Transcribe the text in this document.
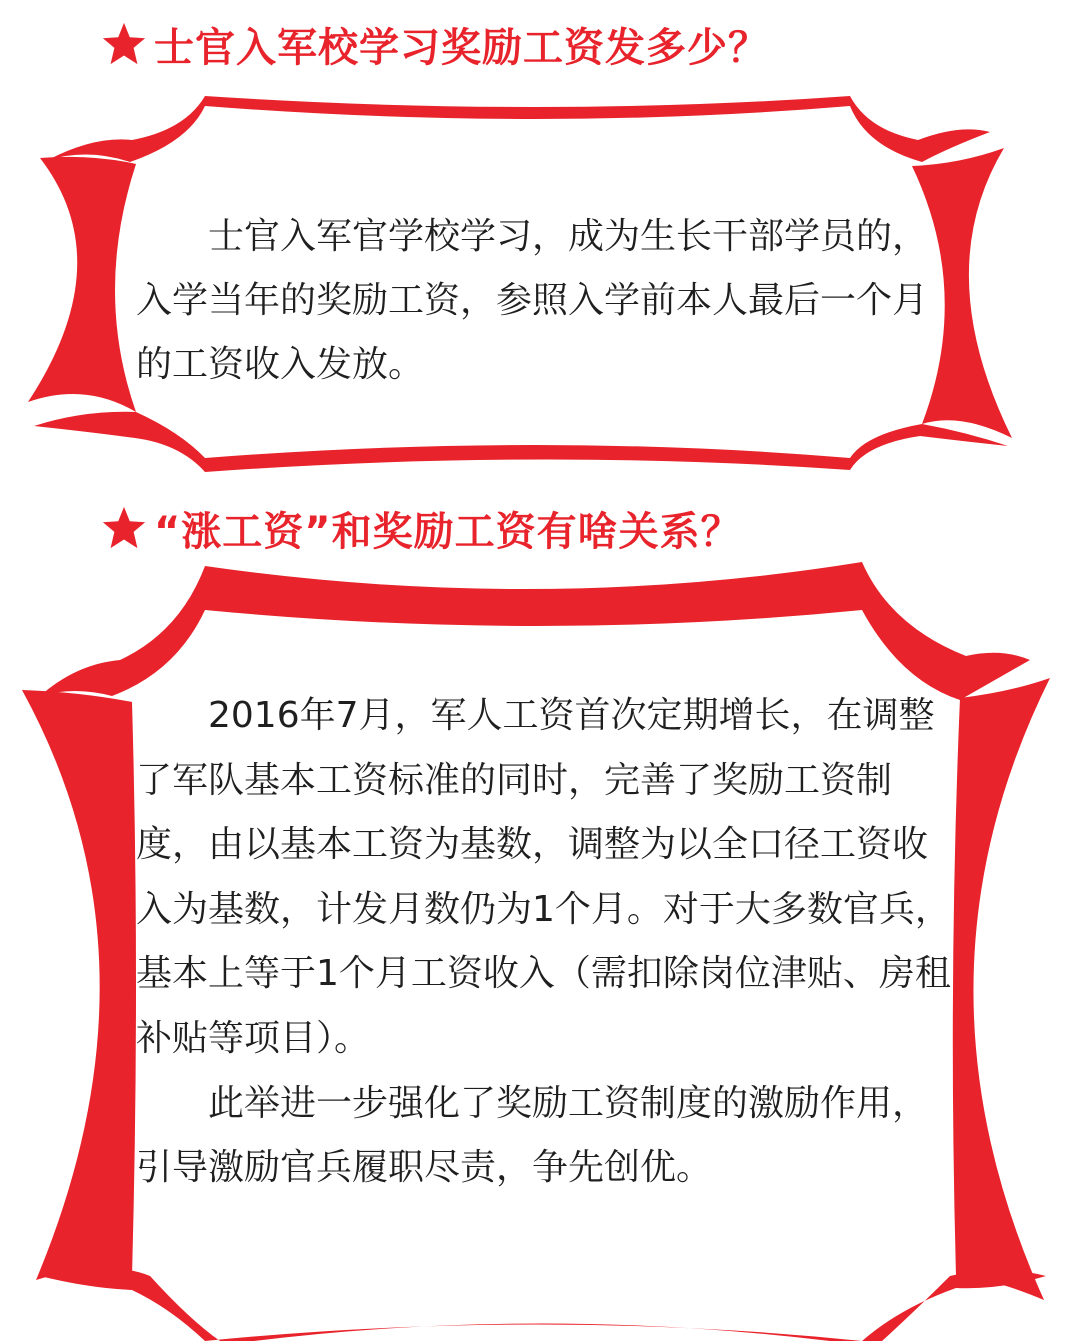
士官入军校学习奖励工资发多少？

士官入军官学校学习，成为生长干部学员的，入学当年的奖励工资，参照入学前本人最后一个月的工资收入发放。

“涨工资”和奖励工资有啥关系？

2016年7月，军人工资首次定期增长，在调整了军队基本工资标准的同时，完善了奖励工资制度，由以基本工资为基数，调整为以全口径工资收入为基数，计发月数仍为1个月。对于大多数官兵，基本上等于1个月工资收入（需扣除岗位津贴、房租补贴等项目）。

此举进一步强化了奖励工资制度的激励作用，引导激励官兵履职尽责，争先创优。
